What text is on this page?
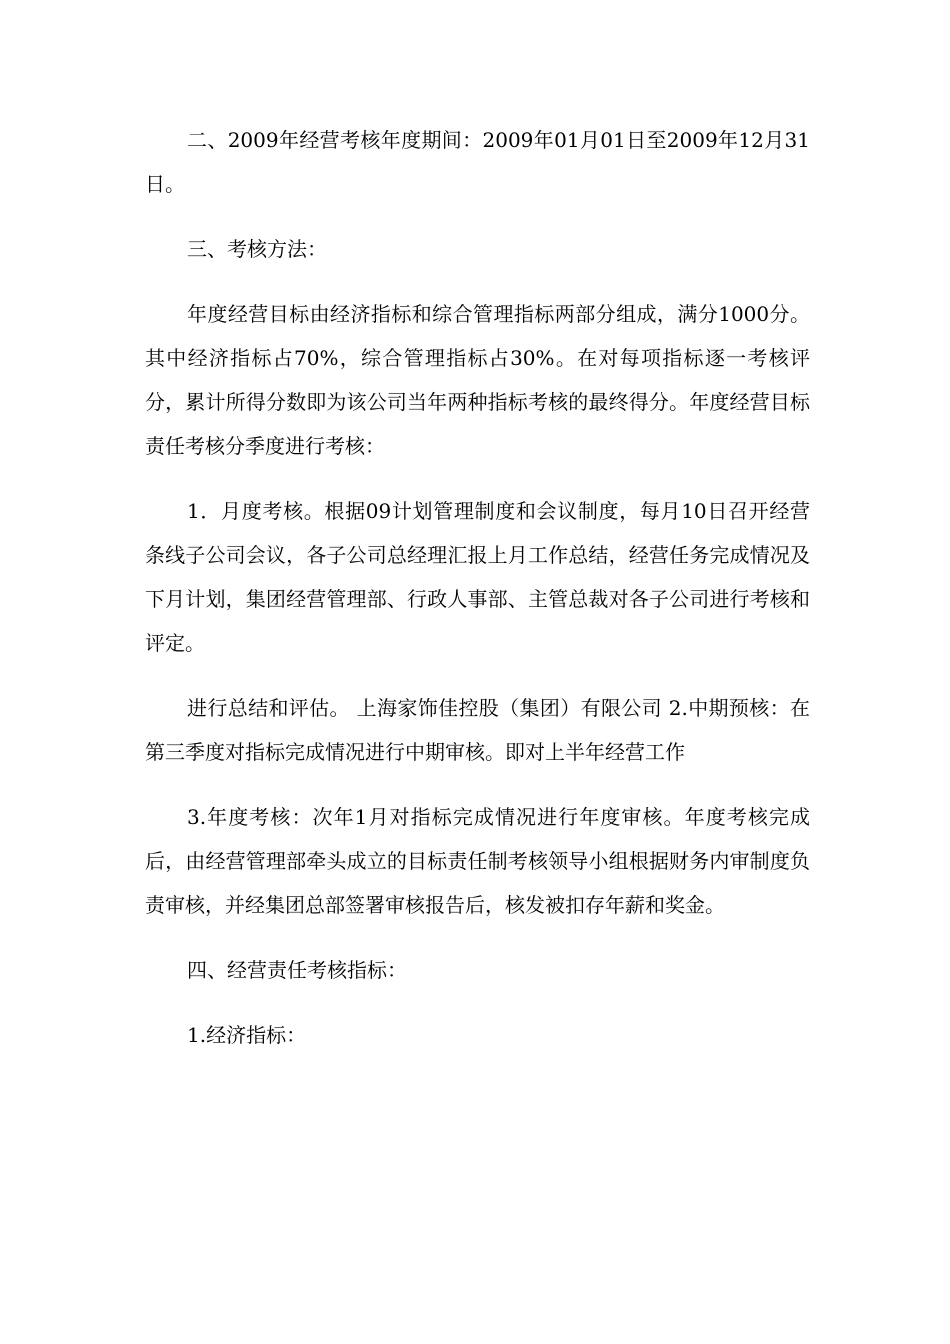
二、2009年经营考核年度期间：2009年01月01日至2009年12月31日。

三、考核方法：

年度经营目标由经济指标和综合管理指标两部分组成，满分1000分。其中经济指标占70%，综合管理指标占30%。在对每项指标逐一考核评分，累计所得分数即为该公司当年两种指标考核的最终得分。年度经营目标责任考核分季度进行考核：

1．月度考核。根据09计划管理制度和会议制度，每月10日召开经营条线子公司会议，各子公司总经理汇报上月工作总结，经营任务完成情况及下月计划，集团经营管理部、行政人事部、主管总裁对各子公司进行考核和评定。

进行总结和评估。 上海家饰佳控股（集团）有限公司 2.中期预核：在第三季度对指标完成情况进行中期审核。即对上半年经营工作

3.年度考核：次年1月对指标完成情况进行年度审核。年度考核完成后，由经营管理部牵头成立的目标责任制考核领导小组根据财务内审制度负责审核，并经集团总部签署审核报告后，核发被扣存年薪和奖金。

四、经营责任考核指标：

1.经济指标：
